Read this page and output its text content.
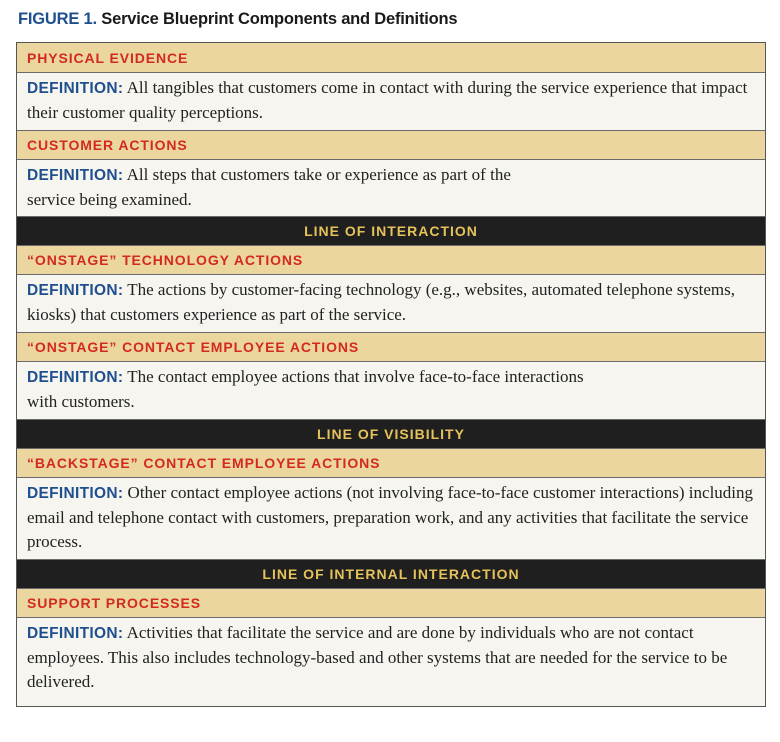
FIGURE 1. Service Blueprint Components and Definitions
PHYSICAL EVIDENCE
DEFINITION: All tangibles that customers come in contact with during the service experience that impact their customer quality perceptions.
CUSTOMER ACTIONS
DEFINITION: All steps that customers take or experience as part of the service being examined.
LINE OF INTERACTION
“ONSTAGE” TECHNOLOGY ACTIONS
DEFINITION: The actions by customer-facing technology (e.g., websites, automated telephone systems, kiosks) that customers experience as part of the service.
“ONSTAGE” CONTACT EMPLOYEE ACTIONS
DEFINITION: The contact employee actions that involve face-to-face interactions with customers.
LINE OF VISIBILITY
“BACKSTAGE” CONTACT EMPLOYEE ACTIONS
DEFINITION: Other contact employee actions (not involving face-to-face customer interactions) including email and telephone contact with customers, preparation work, and any activities that facilitate the service process.
LINE OF INTERNAL INTERACTION
SUPPORT PROCESSES
DEFINITION: Activities that facilitate the service and are done by individuals who are not contact employees. This also includes technology-based and other systems that are needed for the service to be delivered.
